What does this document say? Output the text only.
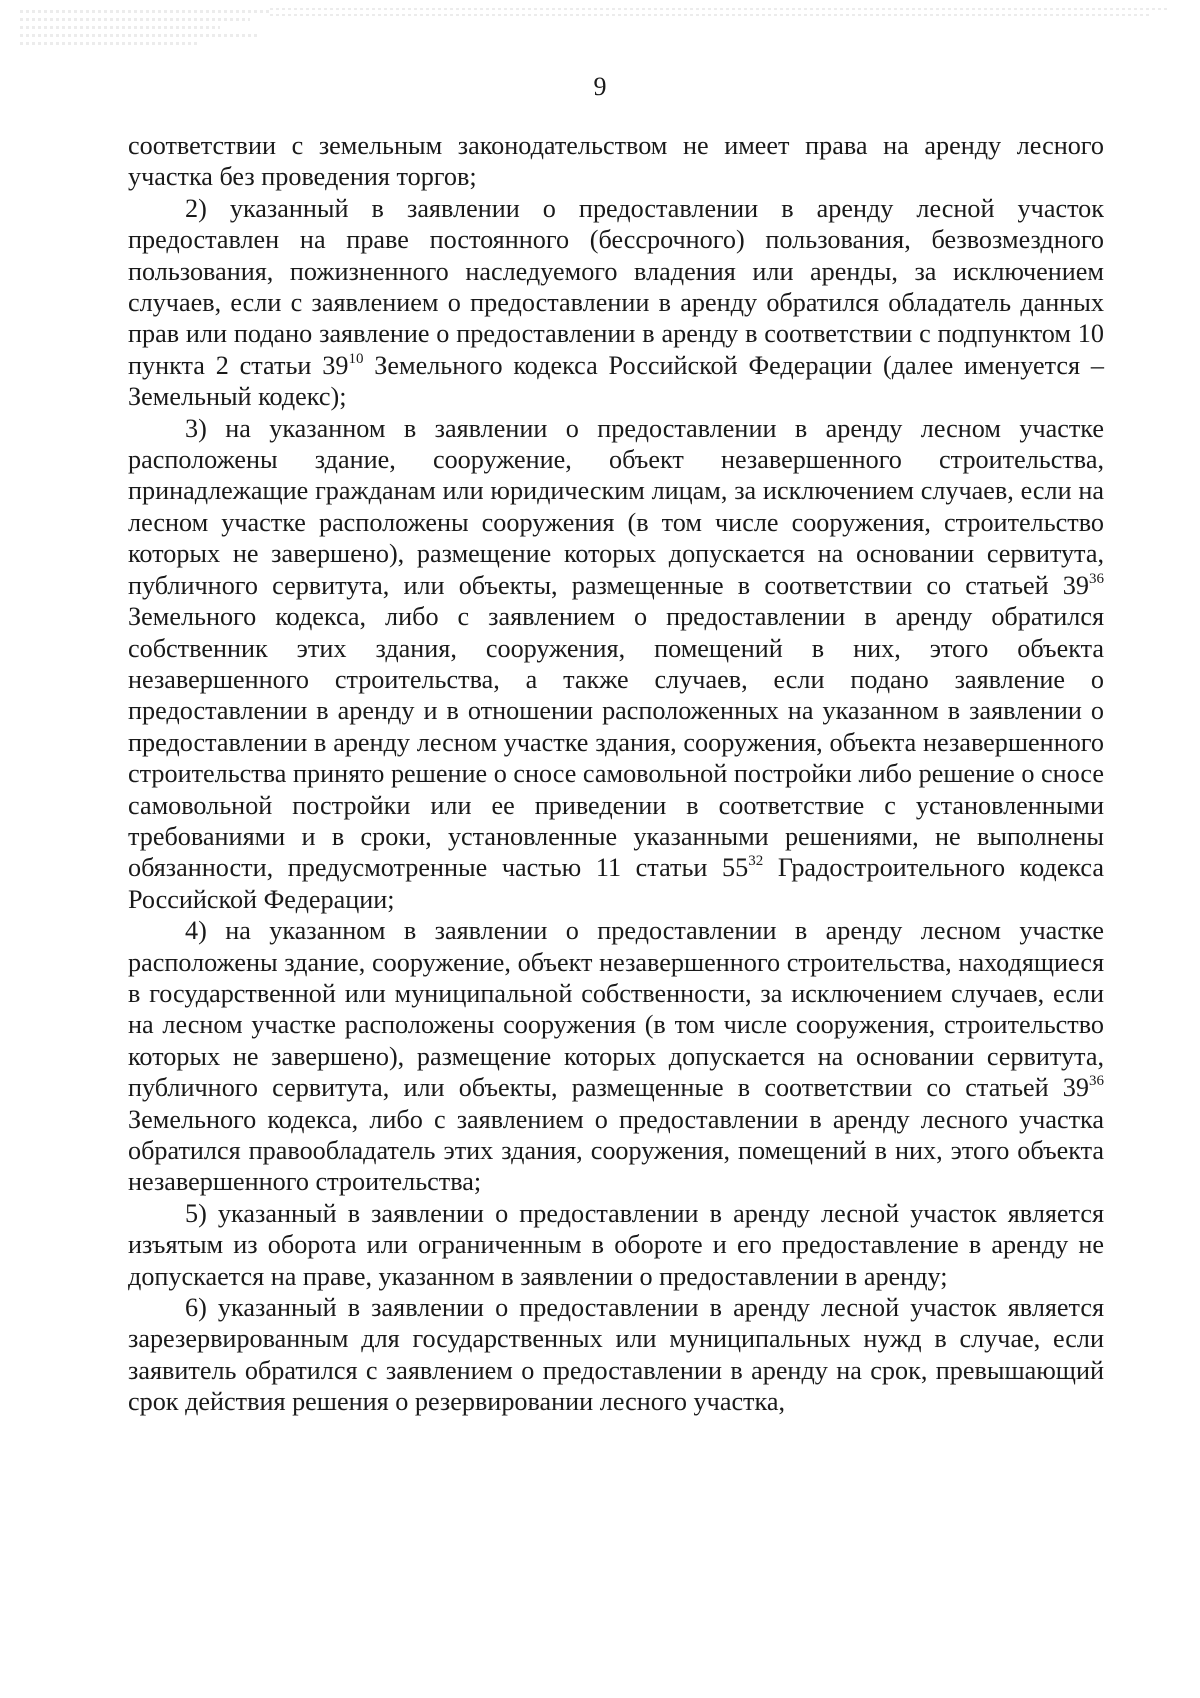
9

соответствии с земельным законодательством не имеет права на аренду лесного участка без проведения торгов;

2) указанный в заявлении о предоставлении в аренду лесной участок предоставлен на праве постоянного (бессрочного) пользования, безвозмездного пользования, пожизненного наследуемого владения или аренды, за исключением случаев, если с заявлением о предоставлении в аренду обратился обладатель данных прав или подано заявление о предоставлении в аренду в соответствии с подпунктом 10 пункта 2 статьи $39^{10}$ Земельного кодекса Российской Федерации (далее именуется – Земельный кодекс);

3) на указанном в заявлении о предоставлении в аренду лесном участке расположены здание, сооружение, объект незавершенного строительства, принадлежащие гражданам или юридическим лицам, за исключением случаев, если на лесном участке расположены сооружения (в том числе сооружения, строительство которых не завершено), размещение которых допускается на основании сервитута, публичного сервитута, или объекты, размещенные в соответствии со статьей $39^{36}$ Земельного кодекса, либо с заявлением о предоставлении в аренду обратился собственник этих здания, сооружения, помещений в них, этого объекта незавершенного строительства, а также случаев, если подано заявление о предоставлении в аренду и в отношении расположенных на указанном в заявлении о предоставлении в аренду лесном участке здания, сооружения, объекта незавершенного строительства принято решение о сносе самовольной постройки либо решение о сносе самовольной постройки или ее приведении в соответствие с установленными требованиями и в сроки, установленные указанными решениями, не выполнены обязанности, предусмотренные частью 11 статьи $55^{32}$ Градостроительного кодекса Российской Федерации;

4) на указанном в заявлении о предоставлении в аренду лесном участке расположены здание, сооружение, объект незавершенного строительства, находящиеся в государственной или муниципальной собственности, за исключением случаев, если на лесном участке расположены сооружения (в том числе сооружения, строительство которых не завершено), размещение которых допускается на основании сервитута, публичного сервитута, или объекты, размещенные в соответствии со статьей $39^{36}$ Земельного кодекса, либо с заявлением о предоставлении в аренду лесного участка обратился правообладатель этих здания, сооружения, помещений в них, этого объекта незавершенного строительства;

5) указанный в заявлении о предоставлении в аренду лесной участок является изъятым из оборота или ограниченным в обороте и его предоставление в аренду не допускается на праве, указанном в заявлении о предоставлении в аренду;

6) указанный в заявлении о предоставлении в аренду лесной участок является зарезервированным для государственных или муниципальных нужд в случае, если заявитель обратился с заявлением о предоставлении в аренду на срок, превышающий срок действия решения о резервировании лесного участка,
